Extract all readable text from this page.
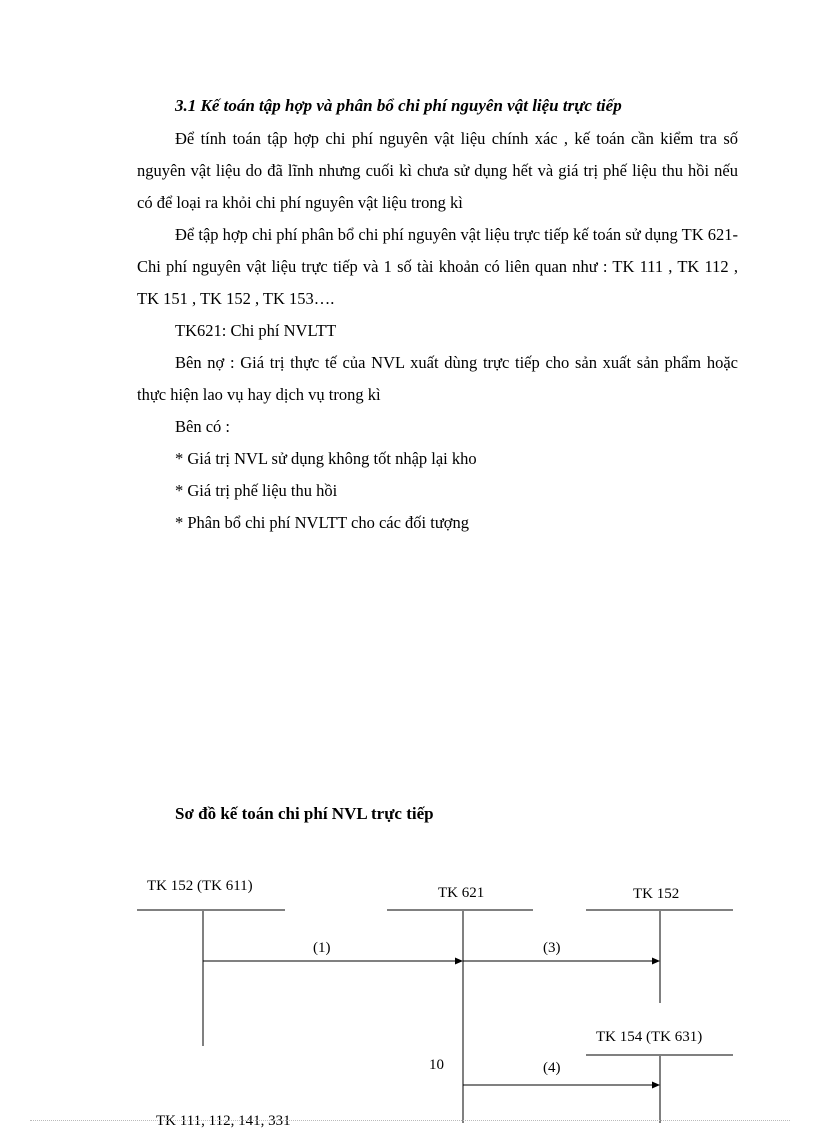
3.1 Kế toán tập hợp và phân bổ chi phí nguyên vật liệu trực tiếp
Để tính toán tập hợp chi phí nguyên vật liệu chính xác , kế toán cần kiểm tra số nguyên vật liệu do đã lĩnh nhưng cuối kì chưa sử dụng hết và giá trị phế liệu thu hồi nếu có để loại ra khỏi chi phí nguyên vật liệu trong kì
Để tập hợp chi phí phân bổ chi phí nguyên vật liệu trực tiếp kế toán sử dụng TK 621- Chi phí nguyên vật liệu trực tiếp và 1 số tài khoản có liên quan như : TK 111 , TK 112 , TK 151 , TK 152 , TK 153….
TK621: Chi phí NVLTT
Bên nợ : Giá trị thực tế của NVL xuất dùng trực tiếp cho sản xuất sản phẩm hoặc thực hiện lao vụ hay dịch vụ trong kì
Bên có :
* Giá trị NVL sử dụng không tốt nhập lại kho
* Giá trị phế liệu thu hồi
* Phân bổ chi phí NVLTT cho các đối tượng
Sơ đồ kế toán chi phí NVL trực tiếp
TK 152 (TK 611)	TK 621	TK 152
TK 154 (TK 631)
TK 111, 112, 141, 331
(1)	(3)
(4)
10
